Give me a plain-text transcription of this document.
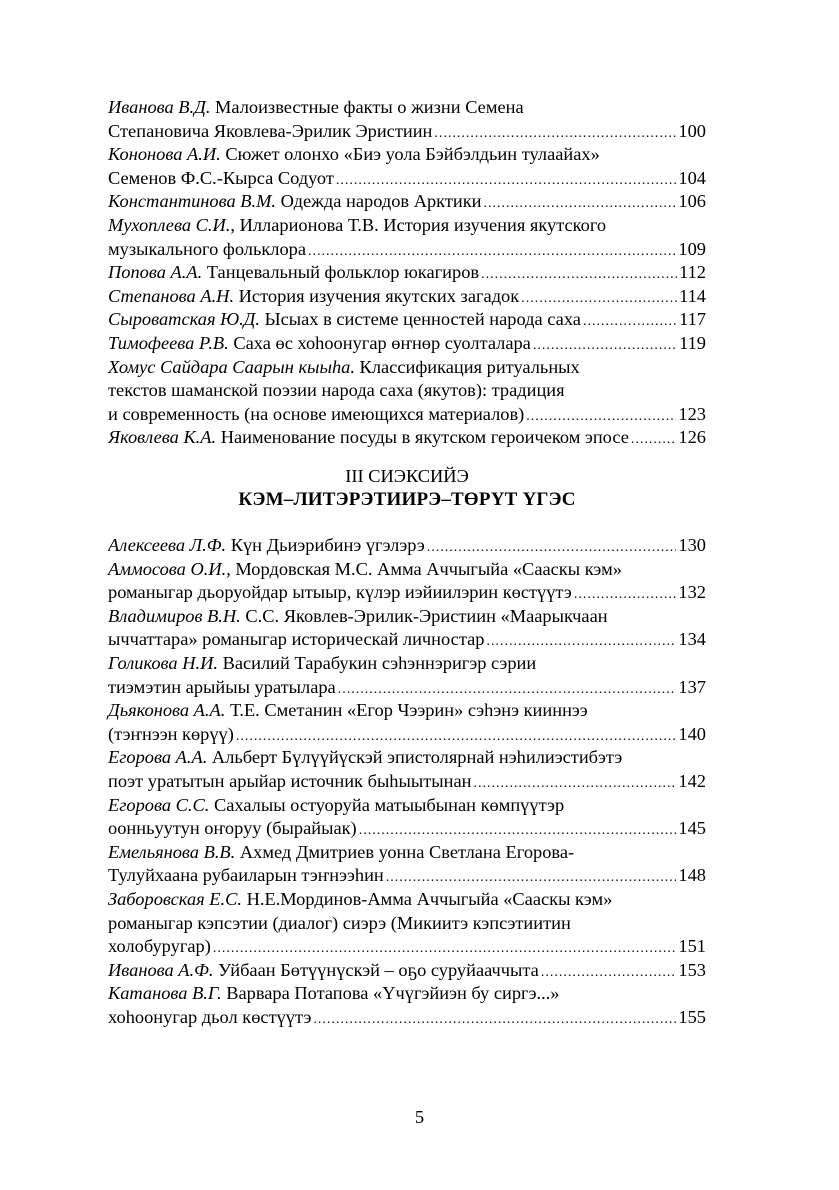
Иванова В.Д. Малоизвестные факты о жизни Семена
Степановича Яковлева-Эрилик Эристиин .....	100
Кононова А.И. Сюжет олонхо «Биэ уола Бэйбэлдьин тулаайах»
Семенов Ф.С.-Кырса Содуот .....	104
Константинова В.М. Одежда народов Арктики .....	106
Мухоплева С.И., Илларионова Т.В. История изучения якутского
музыкального фольклора .....	109
Попова А.А. Танцевальный фольклор юкагиров .....	112
Степанова А.Н. История изучения якутских загадок .....	114
Сыроватская Ю.Д. Ысыах в системе ценностей народа саха .....	117
Тимофеева Р.В. Саха өс хоһоонугар өҥнөр суолталара .....	119
Хомус Сайдара Саарын кыыһа. Классификация ритуальных
текстов шаманской поэзии народа саха (якутов): традиция
и современность (на основе имеющихся материалов) .....	123
Яковлева К.А. Наименование посуды в якутском героичеком эпосе .....	126
III СИЭКСИЙЭ
КЭМ–ЛИТЭРЭТИИРЭ–ТӨРҮТ ҮГЭС
Алексеева Л.Ф. Күн Дьиэрибинэ үгэлэрэ .....	130
Аммосова О.И., Мордовская М.С. Амма Аччыгыйа «Сааскы кэм»
романыгар дьоруойдар ытыыр, күлэр иэйиилэрин көстүүтэ .....	132
Владимиров В.Н. С.С. Яковлев-Эрилик-Эристиин «Маарыкчаан
ыччаттара» романыгар историческай личностар .....	134
Голикова Н.И. Василий Тарабукин сэһэннэригэр сэрии
тиэмэтин арыйыы уратылара .....	137
Дьяконова А.А. Т.Е. Сметанин «Егор Чээрин» сэһэнэ кииннээ
(тэҥнээн көрүү) .....	140
Егорова А.А. Альберт Бүлүүйүскэй эпистолярнай нэһилиэстибэтэ
поэт уратытын арыйар источник быһыытынан .....	142
Егорова С.С. Сахалыы остуоруйа матыыбынан көмпүүтэр
оонньуутун оҥоруу (бырайыак) .....	145
Емельянова В.В. Ахмед Дмитриев уонна Светлана Егорова-
Тулуйхаана рубаиларын тэҥнээһин .....	148
Заборовская Е.С. Н.Е.Мординов-Амма Аччыгыйа «Сааскы кэм»
романыгар кэпсэтии (диалог) сиэрэ (Микиитэ кэпсэтиитин
холобуругар) .....	151
Иванова А.Ф. Уйбаан Бөтүүнүскэй – оҕо суруйааччыта .....	153
Катанова В.Г. Варвара Потапова «Үчүгэйиэн бу сиргэ...»
хоһоонугар дьол көстүүтэ .....	155
5
